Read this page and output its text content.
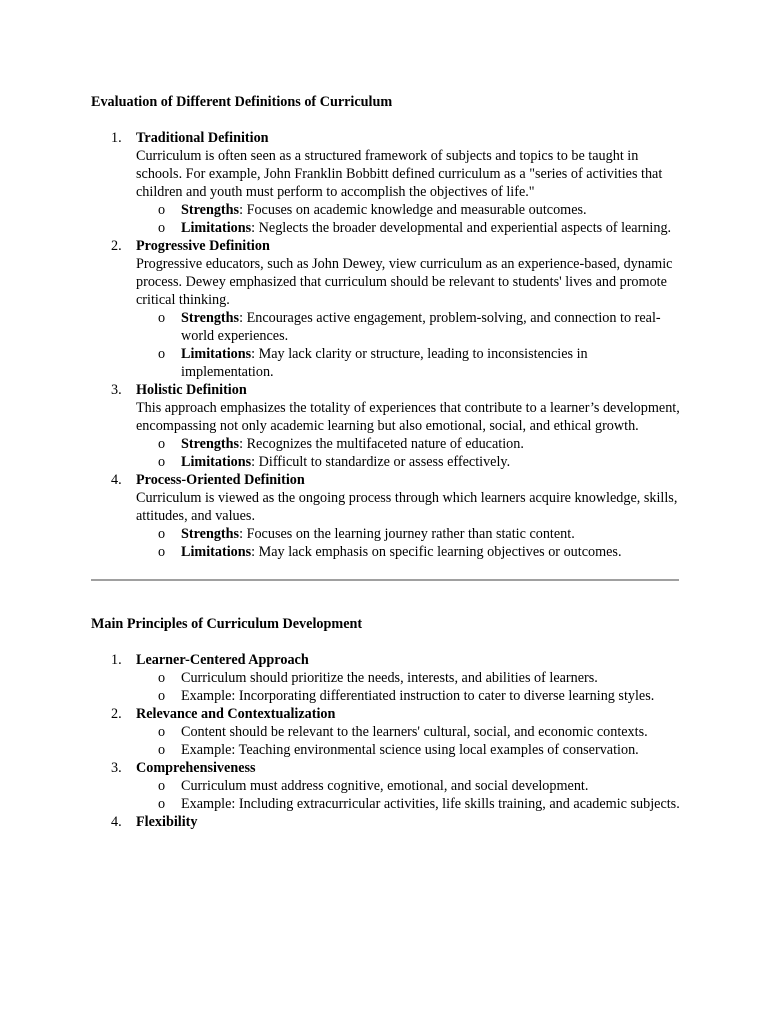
Evaluation of Different Definitions of Curriculum
1.	Traditional Definition
Curriculum is often seen as a structured framework of subjects and topics to be taught in schools. For example, John Franklin Bobbitt defined curriculum as a "series of activities that children and youth must perform to accomplish the objectives of life."
o Strengths: Focuses on academic knowledge and measurable outcomes.
o Limitations: Neglects the broader developmental and experiential aspects of learning.
2.	Progressive Definition
Progressive educators, such as John Dewey, view curriculum as an experience-based, dynamic process. Dewey emphasized that curriculum should be relevant to students' lives and promote critical thinking.
o Strengths: Encourages active engagement, problem-solving, and connection to real-world experiences.
o Limitations: May lack clarity or structure, leading to inconsistencies in implementation.
3.	Holistic Definition
This approach emphasizes the totality of experiences that contribute to a learner’s development, encompassing not only academic learning but also emotional, social, and ethical growth.
o Strengths: Recognizes the multifaceted nature of education.
o Limitations: Difficult to standardize or assess effectively.
4.	Process-Oriented Definition
Curriculum is viewed as the ongoing process through which learners acquire knowledge, skills, attitudes, and values.
o Strengths: Focuses on the learning journey rather than static content.
o Limitations: May lack emphasis on specific learning objectives or outcomes.
Main Principles of Curriculum Development
1.	Learner-Centered Approach
o Curriculum should prioritize the needs, interests, and abilities of learners.
o Example: Incorporating differentiated instruction to cater to diverse learning styles.
2.	Relevance and Contextualization
o Content should be relevant to the learners' cultural, social, and economic contexts.
o Example: Teaching environmental science using local examples of conservation.
3.	Comprehensiveness
o Curriculum must address cognitive, emotional, and social development.
o Example: Including extracurricular activities, life skills training, and academic subjects.
4.	Flexibility
